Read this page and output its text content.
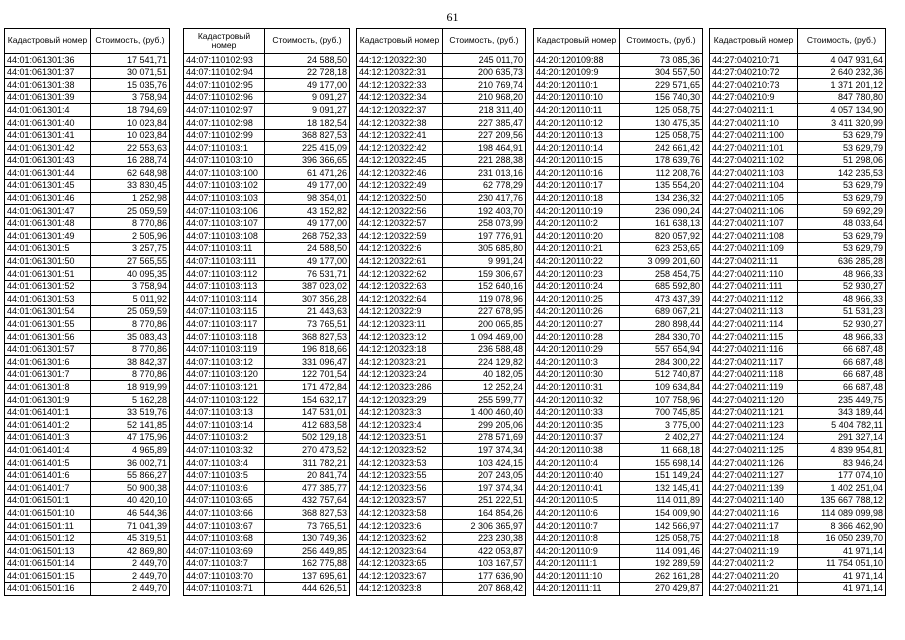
61
Кадастровый номер	Стоимость, (руб.)
44:01:061301:36	17 541,71
44:01:061301:37	30 071,51
44:01:061301:38	15 035,76
44:01:061301:39	3 758,94
44:01:061301:4	18 794,69
44:01:061301:40	10 023,84
44:01:061301:41	10 023,84
44:01:061301:42	22 553,63
44:01:061301:43	16 288,74
44:01:061301:44	62 648,98
44:01:061301:45	33 830,45
44:01:061301:46	1 252,98
44:01:061301:47	25 059,59
44:01:061301:48	8 770,86
44:01:061301:49	2 505,96
44:01:061301:5	3 257,75
44:01:061301:50	27 565,55
44:01:061301:51	40 095,35
44:01:061301:52	3 758,94
44:01:061301:53	5 011,92
44:01:061301:54	25 059,59
44:01:061301:55	8 770,86
44:01:061301:56	35 083,43
44:01:061301:57	8 770,86
44:01:061301:6	38 842,37
44:01:061301:7	8 770,86
44:01:061301:8	18 919,99
44:01:061301:9	5 162,28
44:01:061401:1	33 519,76
44:01:061401:2	52 141,85
44:01:061401:3	47 175,96
44:01:061401:4	4 965,89
44:01:061401:5	36 002,71
44:01:061401:6	55 866,27
44:01:061401:7	50 900,38
44:01:061501:1	40 420,10
44:01:061501:10	46 544,36
44:01:061501:11	71 041,39
44:01:061501:12	45 319,51
44:01:061501:13	42 869,80
44:01:061501:14	2 449,70
44:01:061501:15	2 449,70
44:01:061501:16	2 449,70
Кадастровый номер	Стоимость, (руб.)
44:07:110102:93	24 588,50
44:07:110102:94	22 728,18
44:07:110102:95	49 177,00
44:07:110102:96	9 091,27
44:07:110102:97	9 091,27
44:07:110102:98	18 182,54
44:07:110102:99	368 827,53
44:07:110103:1	225 415,09
44:07:110103:10	396 366,65
44:07:110103:100	61 471,26
44:07:110103:102	49 177,00
44:07:110103:103	98 354,01
44:07:110103:106	43 152,82
44:07:110103:107	49 177,00
44:07:110103:108	268 752,33
44:07:110103:11	24 588,50
44:07:110103:111	49 177,00
44:07:110103:112	76 531,71
44:07:110103:113	387 023,02
44:07:110103:114	307 356,28
44:07:110103:115	21 443,63
44:07:110103:117	73 765,51
44:07:110103:118	368 827,53
44:07:110103:119	196 818,66
44:07:110103:12	331 096,47
44:07:110103:120	122 701,54
44:07:110103:121	171 472,84
44:07:110103:122	154 632,17
44:07:110103:13	147 531,01
44:07:110103:14	412 683,58
44:07:110103:2	502 129,18
44:07:110103:32	270 473,52
44:07:110103:4	311 782,21
44:07:110103:5	20 841,74
44:07:110103:6	477 385,77
44:07:110103:65	432 757,64
44:07:110103:66	368 827,53
44:07:110103:67	73 765,51
44:07:110103:68	130 749,36
44:07:110103:69	256 449,85
44:07:110103:7	162 775,88
44:07:110103:70	137 695,61
44:07:110103:71	444 626,51
Кадастровый номер	Стоимость, (руб.)
44:12:120322:30	245 011,70
44:12:120322:31	200 635,73
44:12:120322:33	210 769,74
44:12:120322:34	210 968,20
44:12:120322:37	218 311,40
44:12:120322:38	227 385,47
44:12:120322:41	227 209,56
44:12:120322:42	198 464,91
44:12:120322:45	221 288,38
44:12:120322:46	231 013,16
44:12:120322:49	62 778,29
44:12:120322:50	230 417,76
44:12:120322:56	192 403,70
44:12:120322:57	258 073,99
44:12:120322:59	197 776,91
44:12:120322:6	305 685,80
44:12:120322:61	9 991,24
44:12:120322:62	159 306,67
44:12:120322:63	152 640,16
44:12:120322:64	119 078,96
44:12:120322:9	227 678,95
44:12:120323:11	200 065,85
44:12:120323:12	1 094 469,00
44:12:120323:18	236 588,48
44:12:120323:21	224 129,82
44:12:120323:24	40 182,05
44:12:120323:286	12 252,24
44:12:120323:29	255 599,77
44:12:120323:3	1 400 460,40
44:12:120323:4	299 205,06
44:12:120323:51	278 571,69
44:12:120323:52	197 374,34
44:12:120323:53	103 424,15
44:12:120323:55	207 243,05
44:12:120323:56	197 374,34
44:12:120323:57	251 222,51
44:12:120323:58	164 854,26
44:12:120323:6	2 306 365,97
44:12:120323:62	223 230,38
44:12:120323:64	422 053,87
44:12:120323:65	103 167,57
44:12:120323:67	177 636,90
44:12:120323:8	207 868,42
Кадастровый номер	Стоимость, (руб.)
44:20:120109:88	73 085,36
44:20:120109:9	304 557,50
44:20:120110:1	229 571,65
44:20:120110:10	156 740,30
44:20:120110:11	125 058,75
44:20:120110:12	130 475,35
44:20:120110:13	125 058,75
44:20:120110:14	242 661,42
44:20:120110:15	178 639,76
44:20:120110:16	112 208,76
44:20:120110:17	135 554,20
44:20:120110:18	134 236,32
44:20:120110:19	236 090,24
44:20:120110:2	161 638,13
44:20:120110:20	820 057,92
44:20:120110:21	623 253,65
44:20:120110:22	3 099 201,60
44:20:120110:23	258 454,75
44:20:120110:24	685 592,80
44:20:120110:25	473 437,39
44:20:120110:26	689 067,21
44:20:120110:27	280 898,44
44:20:120110:28	284 330,70
44:20:120110:29	557 654,94
44:20:120110:3	284 300,22
44:20:120110:30	512 740,87
44:20:120110:31	109 634,84
44:20:120110:32	107 758,96
44:20:120110:33	700 745,85
44:20:120110:35	3 775,00
44:20:120110:37	2 402,27
44:20:120110:38	11 668,18
44:20:120110:4	155 698,14
44:20:120110:40	151 149,24
44:20:120110:41	132 145,41
44:20:120110:5	114 011,89
44:20:120110:6	154 009,90
44:20:120110:7	142 566,97
44:20:120110:8	125 058,75
44:20:120110:9	114 091,46
44:20:120111:1	192 289,59
44:20:120111:10	262 161,28
44:20:120111:11	270 429,87
Кадастровый номер	Стоимость, (руб.)
44:27:040210:71	4 047 931,64
44:27:040210:72	2 640 232,36
44:27:040210:73	1 371 201,12
44:27:040210:9	847 780,80
44:27:040211:1	4 057 134,90
44:27:040211:10	3 411 320,99
44:27:040211:100	53 629,79
44:27:040211:101	53 629,79
44:27:040211:102	51 298,06
44:27:040211:103	142 235,53
44:27:040211:104	53 629,79
44:27:040211:105	53 629,79
44:27:040211:106	59 692,29
44:27:040211:107	48 033,64
44:27:040211:108	53 629,79
44:27:040211:109	53 629,79
44:27:040211:11	636 285,28
44:27:040211:110	48 966,33
44:27:040211:111	52 930,27
44:27:040211:112	48 966,33
44:27:040211:113	51 531,23
44:27:040211:114	52 930,27
44:27:040211:115	48 966,33
44:27:040211:116	66 687,48
44:27:040211:117	66 687,48
44:27:040211:118	66 687,48
44:27:040211:119	66 687,48
44:27:040211:120	235 449,75
44:27:040211:121	343 189,44
44:27:040211:123	5 404 782,11
44:27:040211:124	291 327,14
44:27:040211:125	4 839 954,81
44:27:040211:126	83 946,24
44:27:040211:127	177 074,10
44:27:040211:139	1 402 251,04
44:27:040211:140	135 667 788,12
44:27:040211:16	114 089 099,98
44:27:040211:17	8 366 462,90
44:27:040211:18	16 050 239,70
44:27:040211:19	41 971,14
44:27:040211:2	11 754 051,10
44:27:040211:20	41 971,14
44:27:040211:21	41 971,14
